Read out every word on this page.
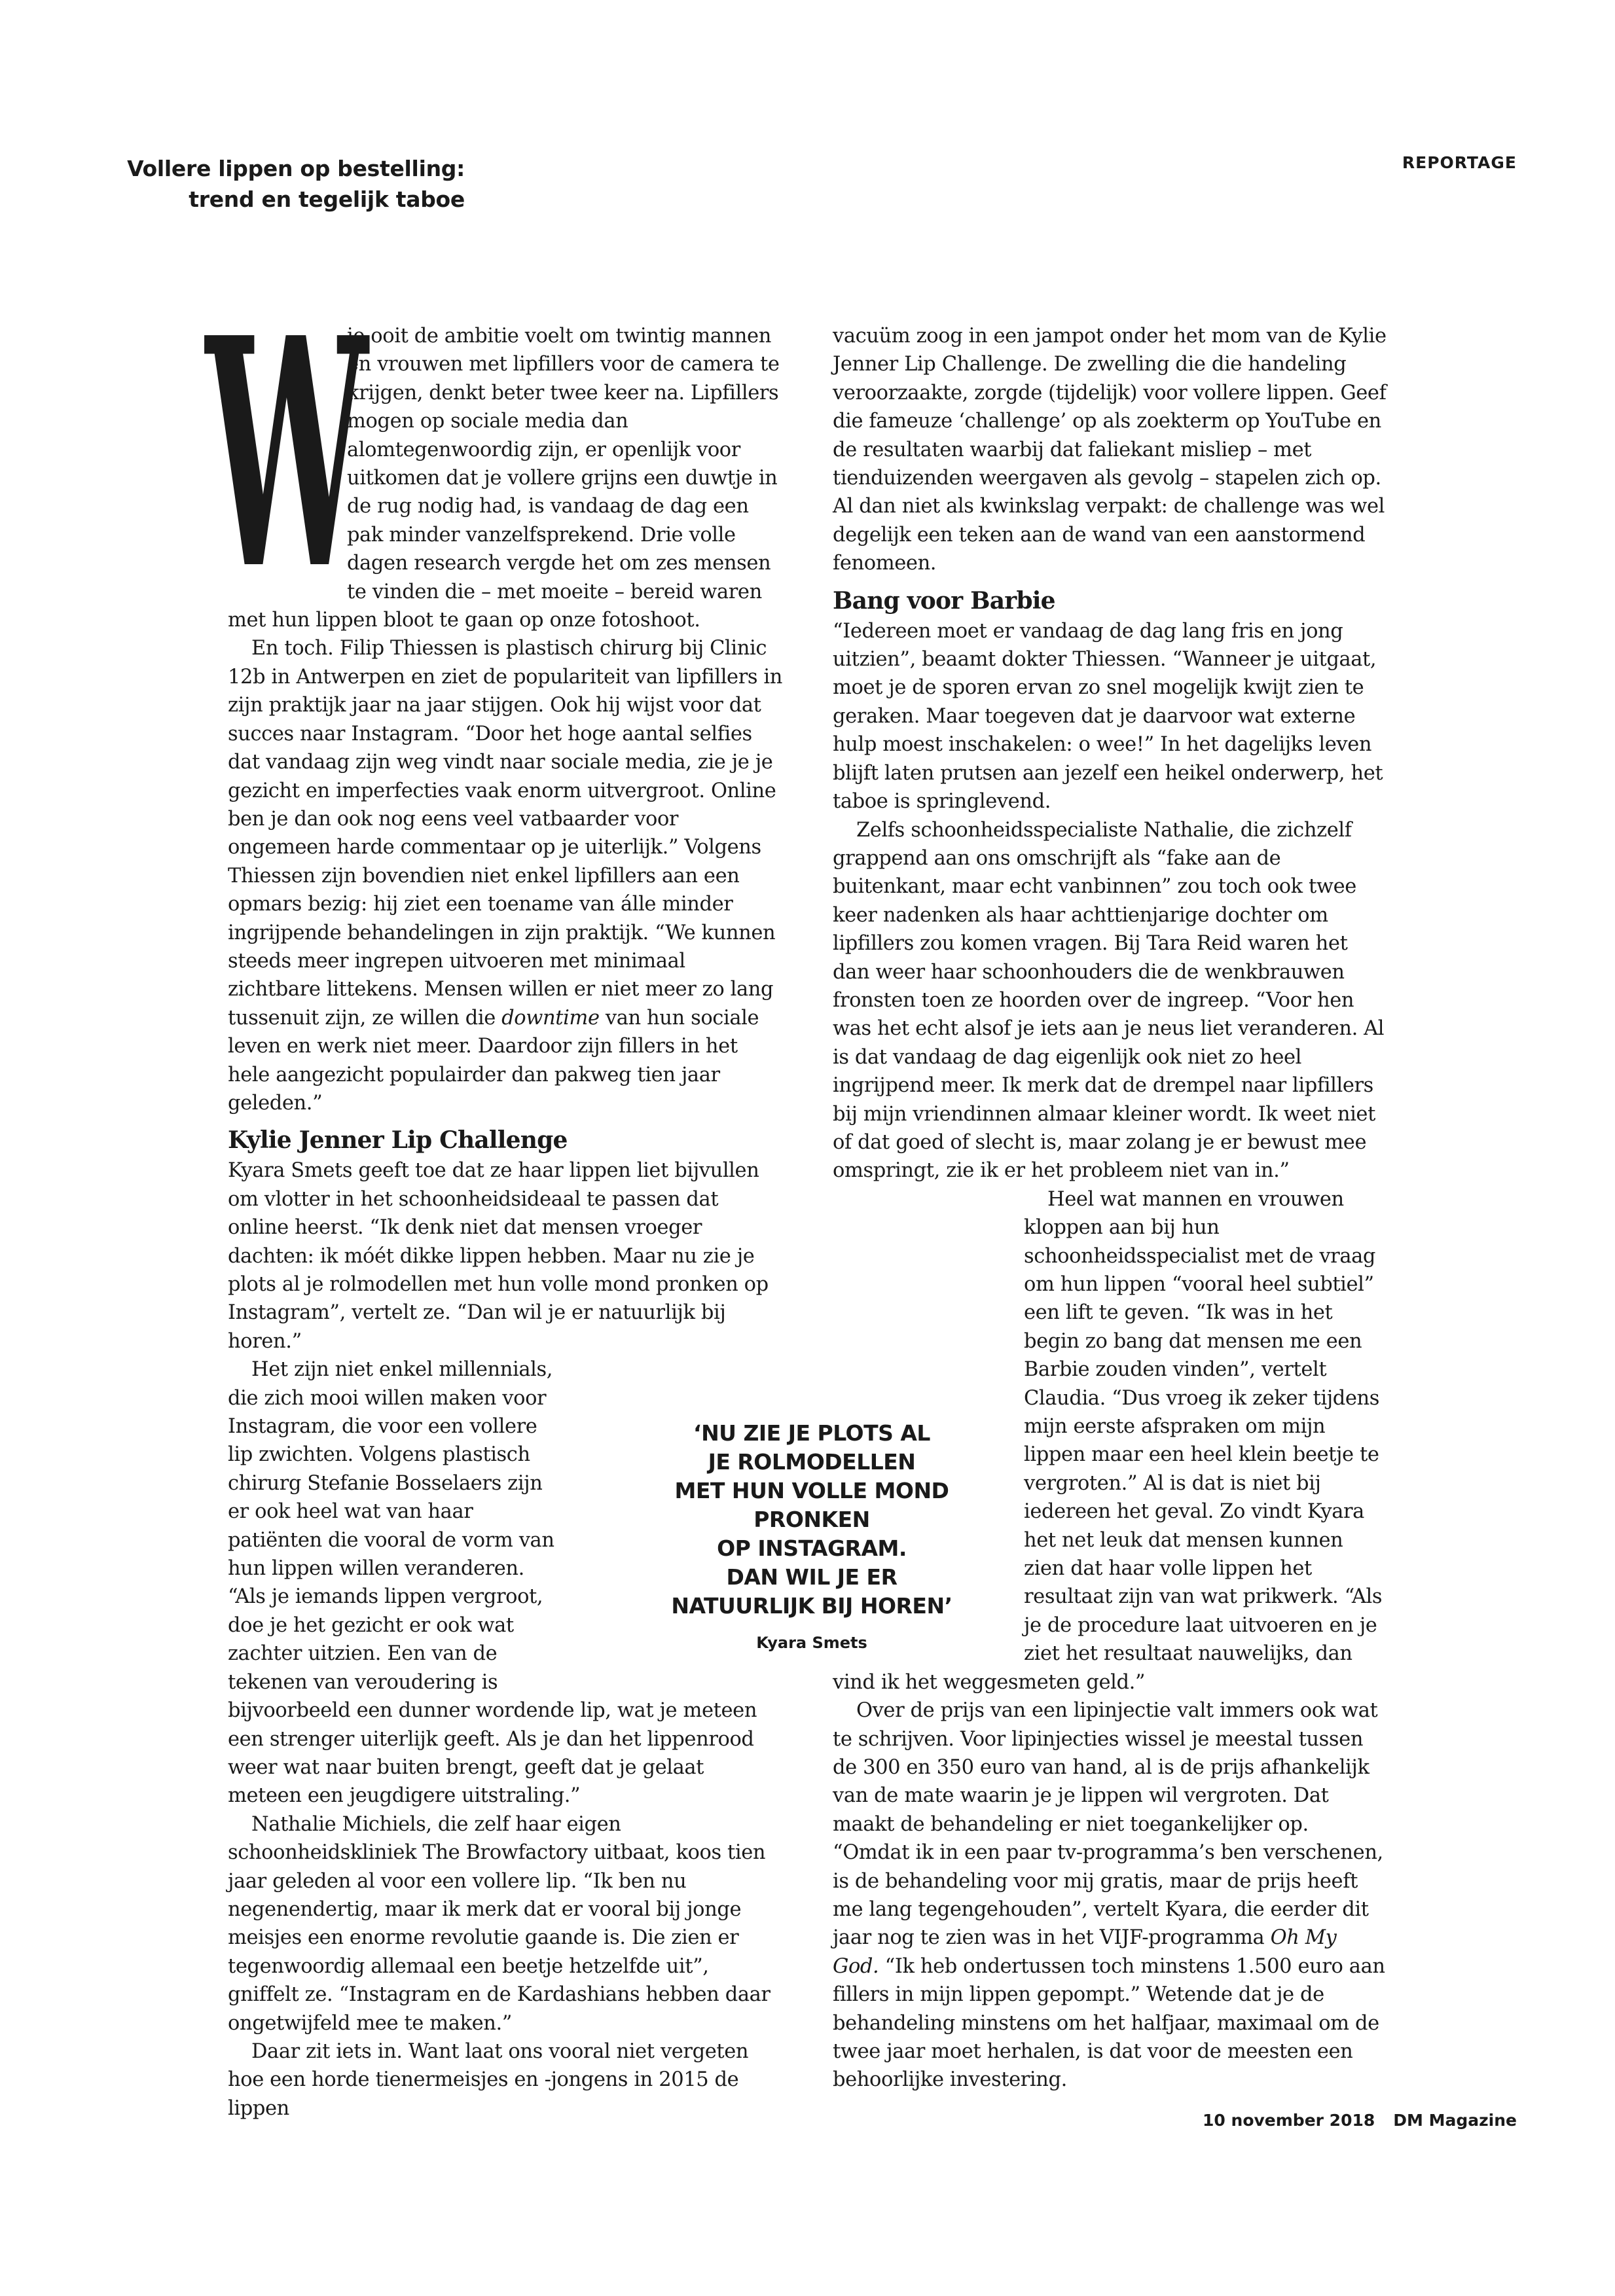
Vollere lippen op bestelling:
trend en tegelijk taboe
REPORTAGE
W

ie ooit de ambitie voelt om twintig mannen en vrouwen met lipfillers voor de camera te krijgen, denkt beter twee keer na. Lipfillers mogen op sociale media dan alomtegenwoordig zijn, er openlijk voor uitkomen dat je vollere grijns een duwtje in de rug nodig had, is vandaag de dag een pak minder vanzelfsprekend. Drie volle dagen research vergde het om zes mensen te vinden die – met moeite – bereid waren met hun lippen bloot te gaan op onze fotoshoot.

En toch. Filip Thiessen is plastisch chirurg bij Clinic 12b in Antwerpen en ziet de populariteit van lipfillers in zijn praktijk jaar na jaar stijgen. Ook hij wijst voor dat succes naar Instagram. “Door het hoge aantal selfies dat vandaag zijn weg vindt naar sociale media, zie je je gezicht en imperfecties vaak enorm uitvergroot. Online ben je dan ook nog eens veel vatbaarder voor ongemeen harde commentaar op je uiterlijk.” Volgens Thiessen zijn bovendien niet enkel lipfillers aan een opmars bezig: hij ziet een toename van álle minder ingrijpende behandelingen in zijn praktijk. “We kunnen steeds meer ingrepen uitvoeren met minimaal zichtbare littekens. Mensen willen er niet meer zo lang tussenuit zijn, ze willen die downtime van hun sociale leven en werk niet meer. Daardoor zijn fillers in het hele aangezicht populairder dan pakweg tien jaar geleden.”

Kylie Jenner Lip Challenge

Kyara Smets geeft toe dat ze haar lippen liet bijvullen om vlotter in het schoonheidsideaal te passen dat online heerst. “Ik denk niet dat mensen vroeger dachten: ik móét dikke lippen hebben. Maar nu zie je plots al je rolmodellen met hun volle mond pronken op Instagram”, vertelt ze. “Dan wil je er natuurlijk bij horen.”

Het zijn niet enkel millennials, die zich mooi willen maken voor Instagram, die voor een vollere lip zwichten. Volgens plastisch chirurg Stefanie Bosselaers zijn er ook heel wat van haar patiënten die vooral de vorm van hun lippen willen veranderen. “Als je iemands lippen vergroot, doe je het gezicht er ook wat zachter uitzien. Een van de tekenen van veroudering is bijvoorbeeld een dunner wordende lip, wat je meteen een strenger uiterlijk geeft. Als je dan het lippenrood weer wat naar buiten brengt, geeft dat je gelaat meteen een jeugdigere uitstraling.”

Nathalie Michiels, die zelf haar eigen schoonheidskliniek The Browfactory uitbaat, koos tien jaar geleden al voor een vollere lip. “Ik ben nu negenendertig, maar ik merk dat er vooral bij jonge meisjes een enorme revolutie gaande is. Die zien er tegenwoordig allemaal een beetje hetzelfde uit”, gniffelt ze. “Instagram en de Kardashians hebben daar ongetwijfeld mee te maken.”

Daar zit iets in. Want laat ons vooral niet vergeten hoe een horde tienermeisjes en -jongens in 2015 de lippen

vacuüm zoog in een jampot onder het mom van de Kylie Jenner Lip Challenge. De zwelling die die handeling veroorzaakte, zorgde (tijdelijk) voor vollere lippen. Geef die fameuze ‘challenge’ op als zoekterm op YouTube en de resultaten waarbij dat faliekant misliep – met tienduizenden weergaven als gevolg – stapelen zich op. Al dan niet als kwinkslag verpakt: de challenge was wel degelijk een teken aan de wand van een aanstormend fenomeen.

Bang voor Barbie

“Iedereen moet er vandaag de dag lang fris en jong uitzien”, beaamt dokter Thiessen. “Wanneer je uitgaat, moet je de sporen ervan zo snel mogelijk kwijt zien te geraken. Maar toegeven dat je daarvoor wat externe hulp moest inschakelen: o wee!” In het dagelijks leven blijft laten prutsen aan jezelf een heikel onderwerp, het taboe is springlevend.

Zelfs schoonheidsspecialiste Nathalie, die zichzelf grappend aan ons omschrijft als “fake aan de buitenkant, maar echt vanbinnen” zou toch ook twee keer nadenken als haar achttienjarige dochter om lipfillers zou komen vragen. Bij Tara Reid waren het dan weer haar schoonhouders die de wenkbrauwen fronsten toen ze hoorden over de ingreep. “Voor hen was het echt alsof je iets aan je neus liet veranderen. Al is dat vandaag de dag eigenlijk ook niet zo heel ingrijpend meer. Ik merk dat de drempel naar lipfillers bij mijn vriendinnen almaar kleiner wordt. Ik weet niet of dat goed of slecht is, maar zolang je er bewust mee omspringt, zie ik er het probleem niet van in.”

Heel wat mannen en vrouwen kloppen aan bij hun schoonheidsspecialist met de vraag om hun lippen “vooral heel subtiel” een lift te geven. “Ik was in het begin zo bang dat mensen me een Barbie zouden vinden”, vertelt Claudia. “Dus vroeg ik zeker tijdens mijn eerste afspraken om mijn lippen maar een heel klein beetje te vergroten.” Al is dat is niet bij iedereen het geval. Zo vindt Kyara het net leuk dat mensen kunnen zien dat haar volle lippen het resultaat zijn van wat prikwerk. “Als je de procedure laat uitvoeren en je ziet het resultaat nauwelijks, dan vind ik het weggesmeten geld.”

Over de prijs van een lipinjectie valt immers ook wat te schrijven. Voor lipinjecties wissel je meestal tussen de 300 en 350 euro van hand, al is de prijs afhankelijk van de mate waarin je je lippen wil vergroten. Dat maakt de behandeling er niet toegankelijker op. “Omdat ik in een paar tv-programma’s ben verschenen, is de behandeling voor mij gratis, maar de prijs heeft me lang tegengehouden”, vertelt Kyara, die eerder dit jaar nog te zien was in het VIJF-programma Oh My God. “Ik heb ondertussen toch minstens 1.500 euro aan fillers in mijn lippen gepompt.” Wetende dat je de behandeling minstens om het halfjaar, maximaal om de twee jaar moet herhalen, is dat voor de meesten een behoorlijke investering.

‘NU ZIE JE PLOTS AL
JE ROLMODELLEN
MET HUN VOLLE MOND
PRONKEN
OP INSTAGRAM.
DAN WIL JE ER
NATUURLIJK BIJ HOREN’
Kyara Smets
10 november 2018 DM Magazine
